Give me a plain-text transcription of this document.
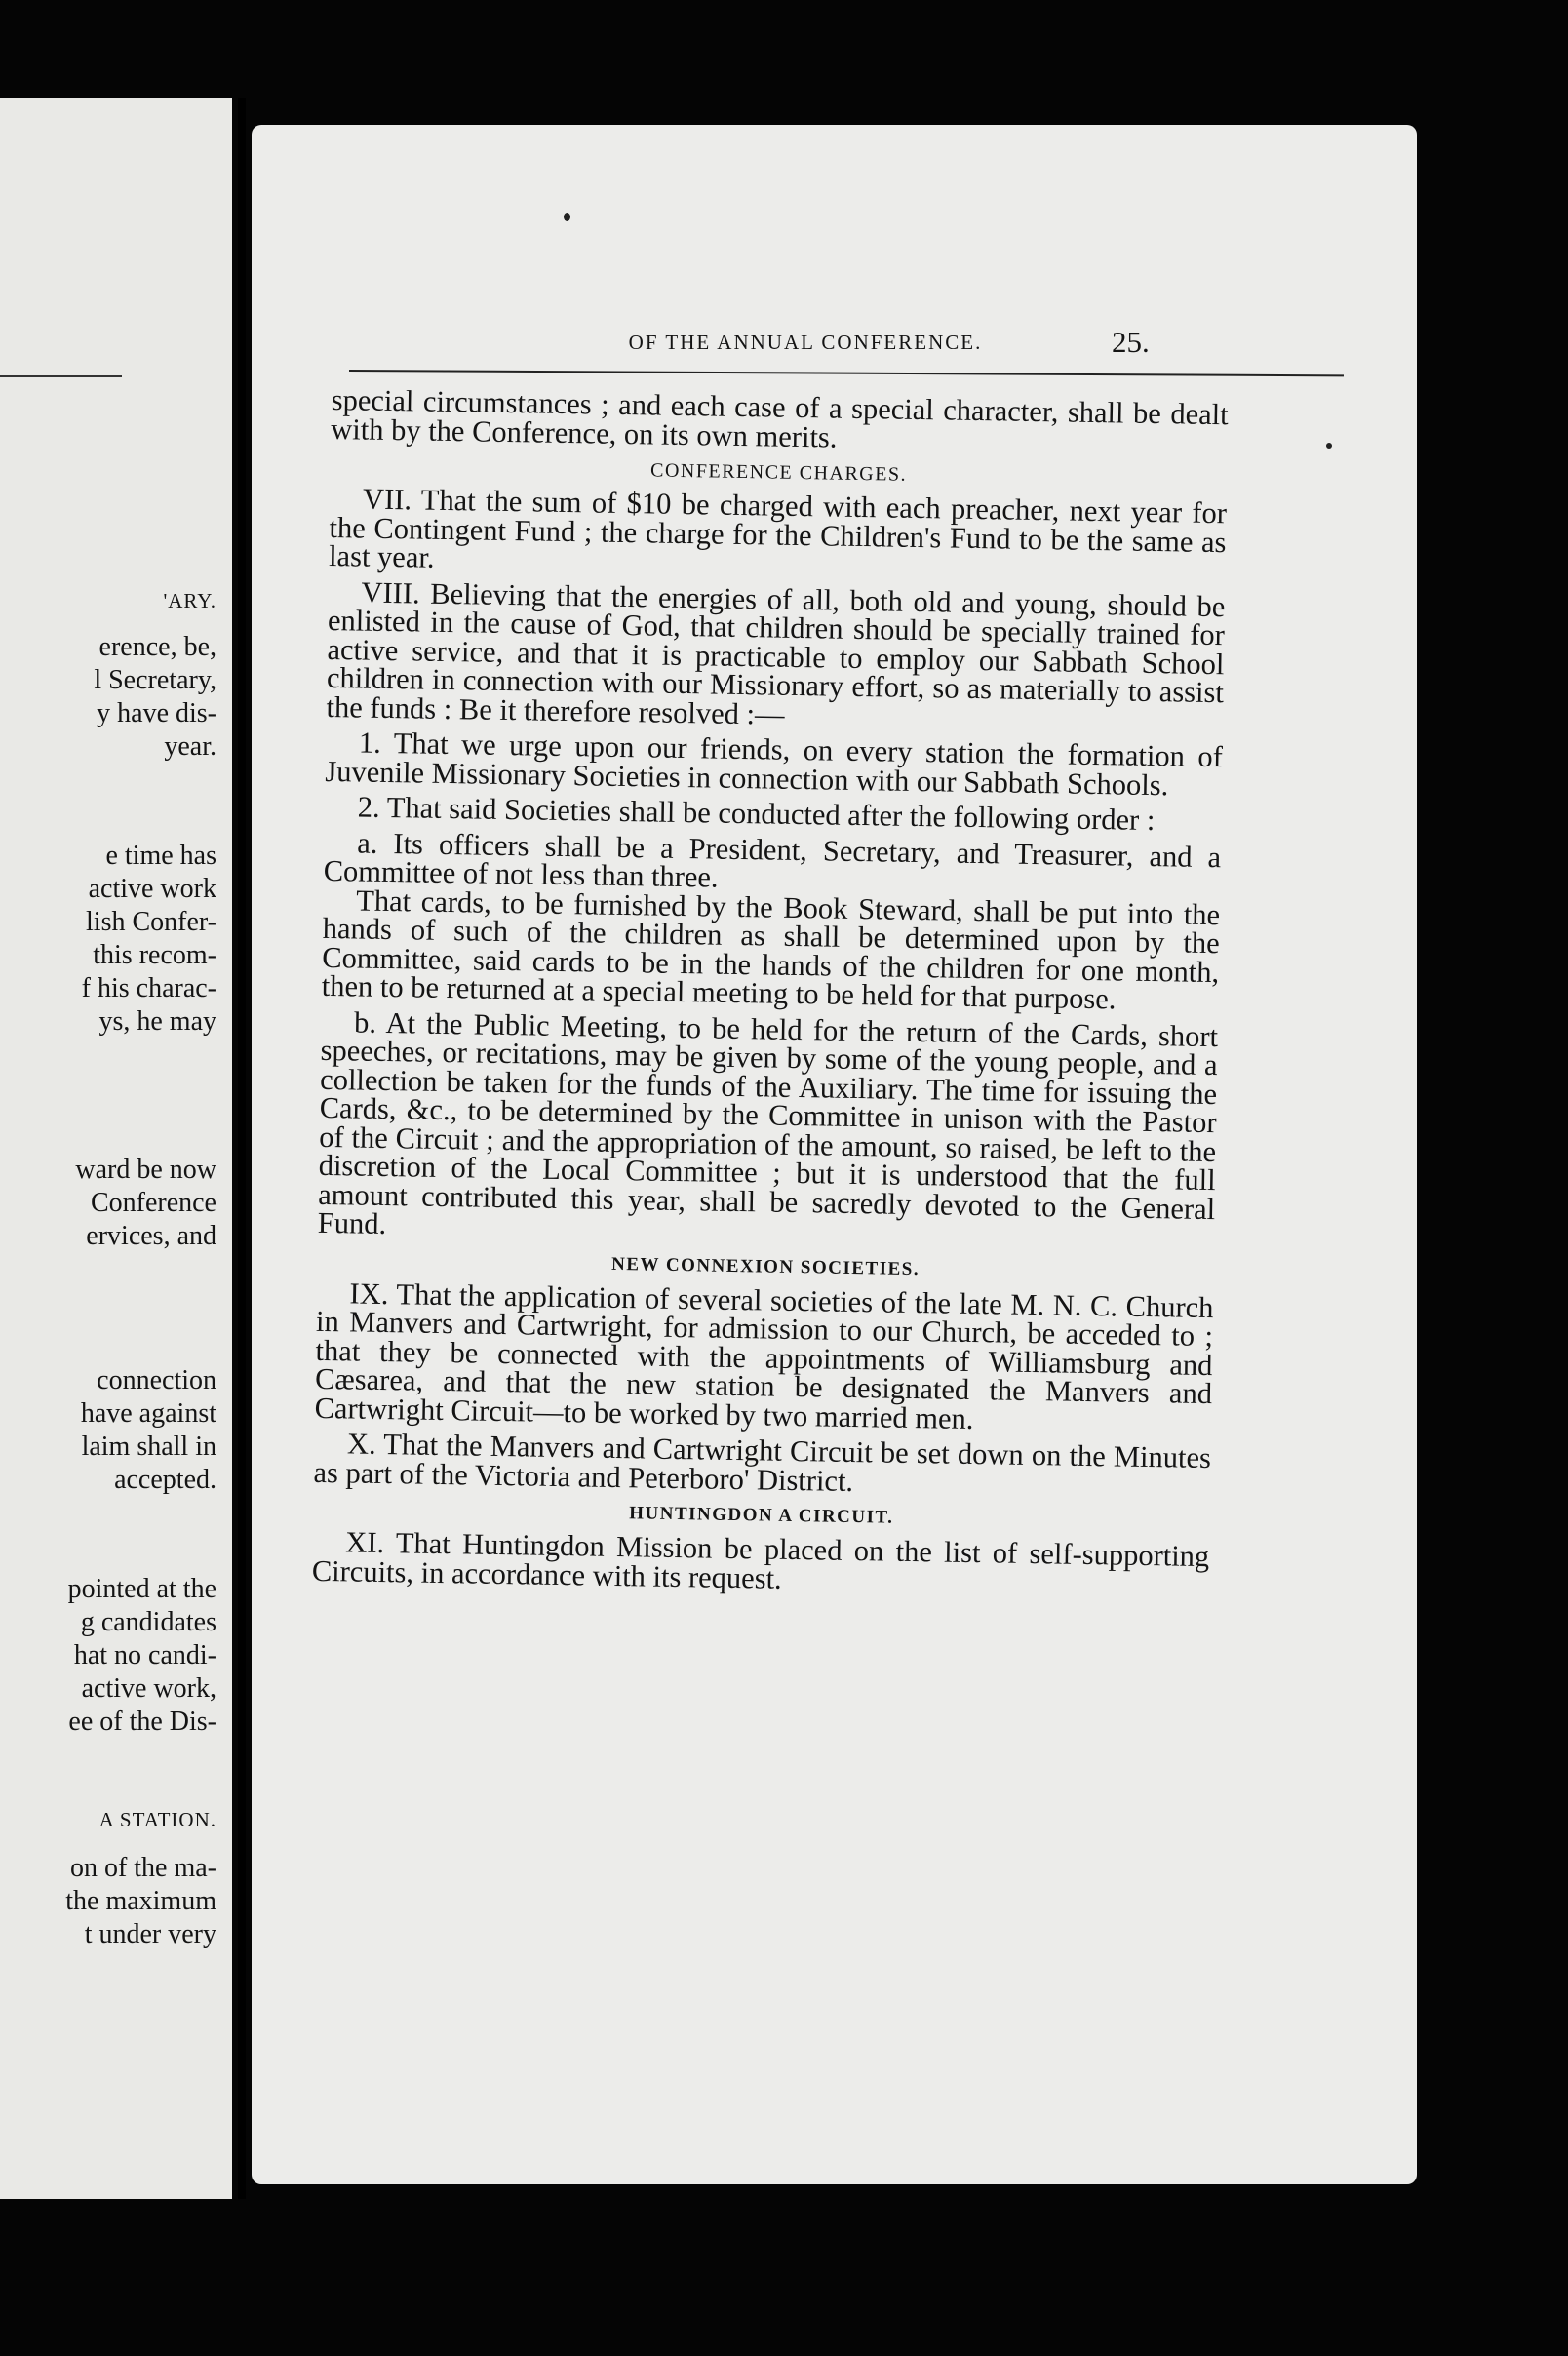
'ARY.
erence, be,
l Secretary,
y have dis-
year.
e time has
active work
lish Confer-
this recom-
f his charac-
ys, he may
ward be now
Conference
ervices, and
connection
have against
laim shall in
accepted.
pointed at the
g candidates
hat no candi-
active work,
ee of the Dis-
A STATION.
on of the ma-
the maximum
t under very
OF THE ANNUAL CONFERENCE.	25.

special circumstances ; and each case of a special character, shall be dealt with by the Conference, on its own merits.

CONFERENCE CHARGES.

VII. That the sum of $10 be charged with each preacher, next year for the Contingent Fund ; the charge for the Children's Fund to be the same as last year.

VIII. Believing that the energies of all, both old and young, should be enlisted in the cause of God, that children should be specially trained for active service, and that it is practicable to employ our Sabbath School children in connection with our Missionary effort, so as materially to assist the funds : Be it therefore resolved :—

1. That we urge upon our friends, on every station the formation of Juvenile Missionary Societies in connection with our Sabbath Schools.

2. That said Societies shall be conducted after the following order :

a. Its officers shall be a President, Secretary, and Treasurer, and a Committee of not less than three.

That cards, to be furnished by the Book Steward, shall be put into the hands of such of the children as shall be determined upon by the Committee, said cards to be in the hands of the children for one month, then to be returned at a special meeting to be held for that purpose.

b. At the Public Meeting, to be held for the return of the Cards, short speeches, or recitations, may be given by some of the young people, and a collection be taken for the funds of the Auxiliary. The time for issuing the Cards, &c., to be determined by the Committee in unison with the Pastor of the Circuit ; and the appropriation of the amount, so raised, be left to the discretion of the Local Committee ; but it is understood that the full amount contributed this year, shall be sacredly devoted to the General Fund.

NEW CONNEXION SOCIETIES.

IX. That the application of several societies of the late M. N. C. Church in Manvers and Cartwright, for admission to our Church, be acceded to ; that they be connected with the appointments of Williamsburg and Cæsarea, and that the new station be designated the Manvers and Cartwright Circuit—to be worked by two married men.

X. That the Manvers and Cartwright Circuit be set down on the Minutes as part of the Victoria and Peterboro' District.

HUNTINGDON A CIRCUIT.

XI. That Huntingdon Mission be placed on the list of self-supporting Circuits, in accordance with its request.
